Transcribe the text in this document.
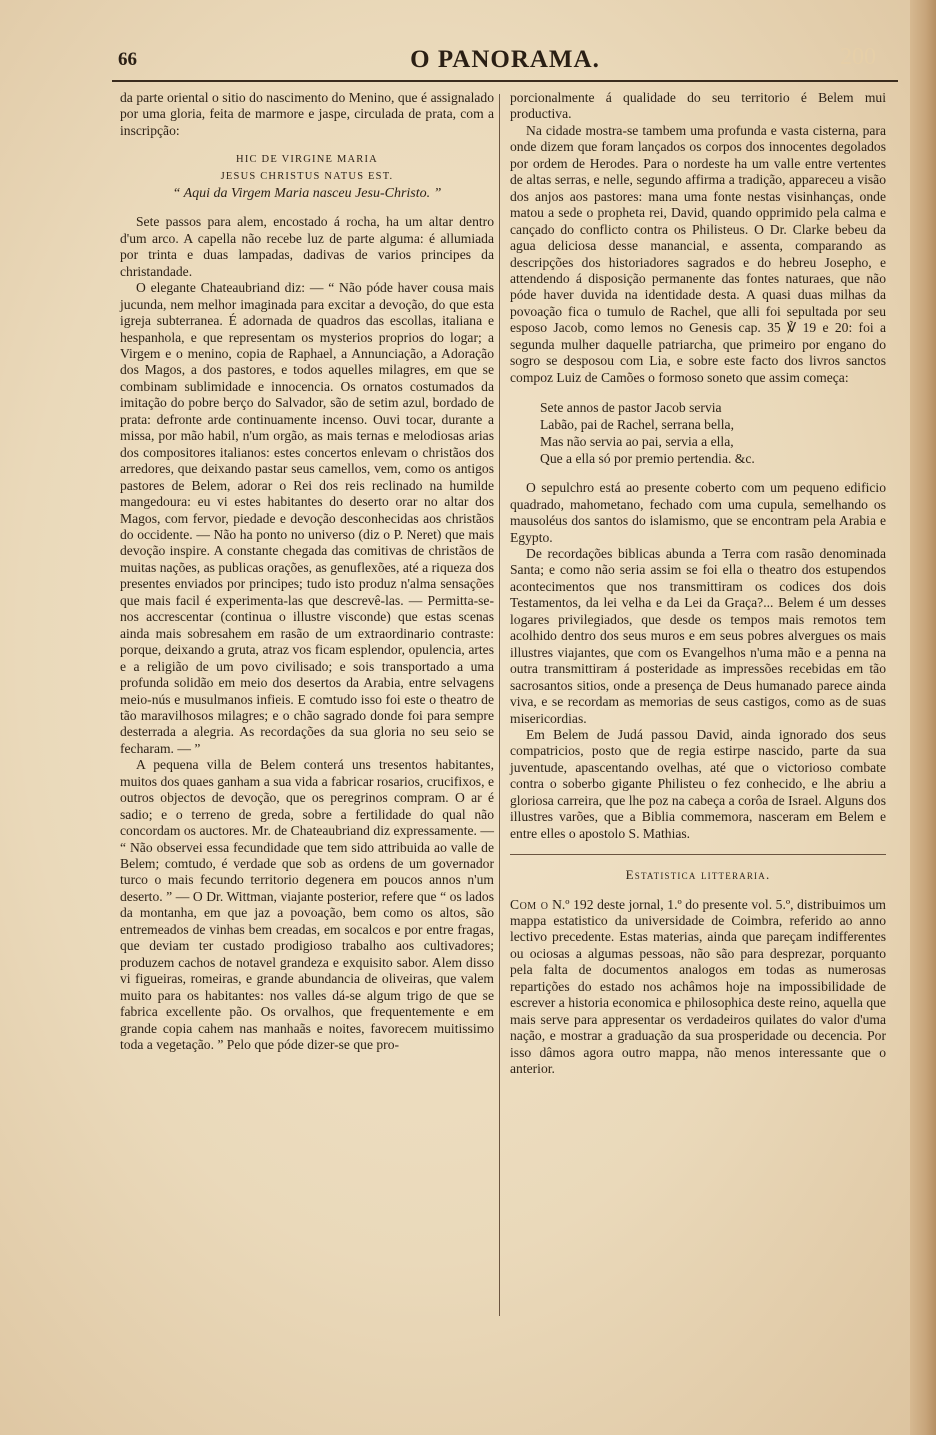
66	O PANORAMA.	200

da parte oriental o sitio do nascimento do Menino, que é assignalado por uma gloria, feita de marmore e jaspe, circulada de prata, com a inscripção:

HIC DE VIRGINE MARIA
JESUS CHRISTUS NATUS EST.
“ Aqui da Virgem Maria nasceu Jesu-Christo. ”

Sete passos para alem, encostado á rocha, ha um altar dentro d'um arco. A capella não recebe luz de parte alguma: é allumiada por trinta e duas lampadas, dadivas de varios principes da christandade.

O elegante Chateaubriand diz: — “ Não póde haver cousa mais jucunda, nem melhor imaginada para excitar a devoção, do que esta igreja subterranea. É adornada de quadros das escollas, italiana e hespanhola, e que representam os mysterios proprios do logar; a Virgem e o menino, copia de Raphael, a Annunciação, a Adoração dos Magos, a dos pastores, e todos aquelles milagres, em que se combinam sublimidade e innocencia. Os ornatos costumados da imitação do pobre berço do Salvador, são de setim azul, bordado de prata: defronte arde continuamente incenso. Ouvi tocar, durante a missa, por mão habil, n'um orgão, as mais ternas e melodiosas arias dos compositores italianos: estes concertos enlevam o christãos dos arredores, que deixando pastar seus camellos, vem, como os antigos pastores de Belem, adorar o Rei dos reis reclinado na humilde mangedoura: eu vi estes habitantes do deserto orar no altar dos Magos, com fervor, piedade e devoção desconhecidas aos christãos do occidente. — Não ha ponto no universo (diz o P. Neret) que mais devoção inspire. A constante chegada das comitivas de christãos de muitas nações, as publicas orações, as genuflexões, até a riqueza dos presentes enviados por principes; tudo isto produz n'alma sensações que mais facil é experimenta-las que descrevê-las. — Permitta-se-nos accrescentar (continua o illustre visconde) que estas scenas ainda mais sobresahem em rasão de um extraordinario contraste: porque, deixando a gruta, atraz vos ficam esplendor, opulencia, artes e a religião de um povo civilisado; e sois transportado a uma profunda solidão em meio dos desertos da Arabia, entre selvagens meio-nús e musulmanos infieis. E comtudo isso foi este o theatro de tão maravilhosos milagres; e o chão sagrado donde foi para sempre desterrada a alegria. As recordações da sua gloria no seu seio se fecharam. — ”

A pequena villa de Belem conterá uns tresentos habitantes, muitos dos quaes ganham a sua vida a fabricar rosarios, crucifixos, e outros objectos de devoção, que os peregrinos compram. O ar é sadio; e o terreno de greda, sobre a fertilidade do qual não concordam os auctores. Mr. de Chateaubriand diz expressamente. — “ Não observei essa fecundidade que tem sido attribuida ao valle de Belem; comtudo, é verdade que sob as ordens de um governador turco o mais fecundo territorio degenera em poucos annos n'um deserto. ” — O Dr. Wittman, viajante posterior, refere que “ os lados da montanha, em que jaz a povoação, bem como os altos, são entremeados de vinhas bem creadas, em socalcos e por entre fragas, que deviam ter custado prodigioso trabalho aos cultivadores; produzem cachos de notavel grandeza e exquisito sabor. Alem disso vi figueiras, romeiras, e grande abundancia de oliveiras, que valem muito para os habitantes: nos valles dá-se algum trigo de que se fabrica excellente pão. Os orvalhos, que frequentemente e em grande copia cahem nas manhaãs e noites, favorecem muitissimo toda a vegetação. ” Pelo que póde dizer-se que pro-

porcionalmente á qualidade do seu territorio é Belem mui productiva.

Na cidade mostra-se tambem uma profunda e vasta cisterna, para onde dizem que foram lançados os corpos dos innocentes degolados por ordem de Herodes. Para o nordeste ha um valle entre vertentes de altas serras, e nelle, segundo affirma a tradição, appareceu a visão dos anjos aos pastores: mana uma fonte nestas visinhanças, onde matou a sede o propheta rei, David, quando opprimido pela calma e cançado do conflicto contra os Philisteus. O Dr. Clarke bebeu da agua deliciosa desse manancial, e assenta, comparando as descripções dos historiadores sagrados e do hebreu Josepho, e attendendo á disposição permanente das fontes naturaes, que não póde haver duvida na identidade desta. A quasi duas milhas da povoação fica o tumulo de Rachel, que alli foi sepultada por seu esposo Jacob, como lemos no Genesis cap. 35 ℣ 19 e 20: foi a segunda mulher daquelle patriarcha, que primeiro por engano do sogro se desposou com Lia, e sobre este facto dos livros sanctos compoz Luiz de Camões o formoso soneto que assim começa:

Sete annos de pastor Jacob servia
Labão, pai de Rachel, serrana bella,
Mas não servia ao pai, servia a ella,
Que a ella só por premio pertendia. &c.

O sepulchro está ao presente coberto com um pequeno edificio quadrado, mahometano, fechado com uma cupula, semelhando os mausoléus dos santos do islamismo, que se encontram pela Arabia e Egypto.

De recordações biblicas abunda a Terra com rasão denominada Santa; e como não seria assim se foi ella o theatro dos estupendos acontecimentos que nos transmittiram os codices dos dois Testamentos, da lei velha e da Lei da Graça?... Belem é um desses logares privilegiados, que desde os tempos mais remotos tem acolhido dentro dos seus muros e em seus pobres alvergues os mais illustres viajantes, que com os Evangelhos n'uma mão e a penna na outra transmittiram á posteridade as impressões recebidas em tão sacrosantos sitios, onde a presença de Deus humanado parece ainda viva, e se recordam as memorias de seus castigos, como as de suas misericordias.

Em Belem de Judá passou David, ainda ignorado dos seus compatricios, posto que de regia estirpe nascido, parte da sua juventude, apascentando ovelhas, até que o victorioso combate contra o soberbo gigante Philisteu o fez conhecido, e lhe abriu a gloriosa carreira, que lhe poz na cabeça a corôa de Israel. Alguns dos illustres varões, que a Biblia commemora, nasceram em Belem e entre elles o apostolo S. Mathias.

Estatistica litteraria.

Com o N.º 192 deste jornal, 1.º do presente vol. 5.º, distribuimos um mappa estatistico da universidade de Coimbra, referido ao anno lectivo precedente. Estas materias, ainda que pareçam indifferentes ou ociosas a algumas pessoas, não são para desprezar, porquanto pela falta de documentos analogos em todas as numerosas repartições do estado nos achâmos hoje na impossibilidade de escrever a historia economica e philosophica deste reino, aquella que mais serve para appresentar os verdadeiros quilates do valor d'uma nação, e mostrar a graduação da sua prosperidade ou decencia. Por isso dâmos agora outro mappa, não menos interessante que o anterior.
